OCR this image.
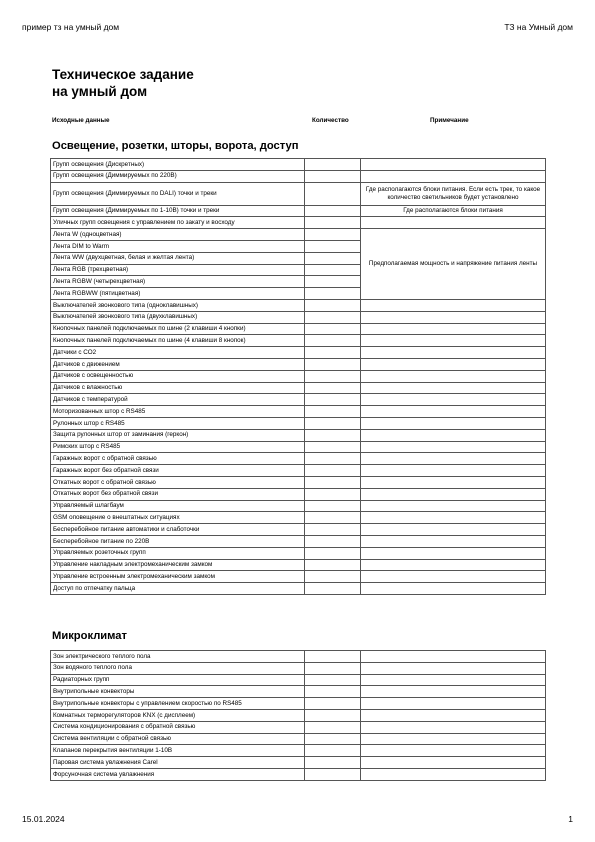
пример тз на умный дом	ТЗ на Умный дом
Техническое задание
на умный дом
Исходные данные	Количество	Примечание
Освещение, розетки, шторы, ворота, доступ
Групп освещения (Дискретных)		
Групп освещения (Диммируемых по 220В)		
Групп освещения (Диммируемых по DALI) точки и треки		Где располагаются блоки питания. Если есть трек, то какое количество светильников будет установлено
Групп освещения (Диммируемых по 1-10В) точки и треки		Где располагаются блоки питания
Уличных групп освещения с управлением по закату и восходу		
Лента W (одноцветная)		Предполагаемая мощность и напряжение питания ленты
Лента DIM to Warm		
Лента WW (двухцветная, белая и желтая лента)		
Лента RGB (трехцветная)		
Лента RGBW (четырехцветная)		
Лента RGBWW (пятицветная)		
Выключателей звонкового типа (одноклавишных)		
Выключателей звонкового типа (двухклавишных)		
Кнопочных панелей подключаемых по шине (2 клавиши 4 кнопки)		
Кнопочных панелей подключаемых по шине (4 клавиши 8 кнопок)		
Датчики с CO2		
Датчиков с движением		
Датчиков с освещенностью		
Датчиков с влажностью		
Датчиков с температурой		
Моторизованных штор с RS485		
Рулонных штор с RS485		
Защита рулонных штор от заминания (геркон)		
Римских штор с RS485		
Гаражных ворот с обратной связью		
Гаражных ворот без обратной связи		
Откатных ворот с обратной связью		
Откатных ворот без обратной связи		
Управляемый шлагбаум		
GSM оповещение о внештатных ситуациях		
Бесперебойное питание автоматики и слаботочки		
Бесперебойное питание по 220В		
Управляемых розеточных групп		
Управление накладным электромеханическим замком		
Управление встроенным электромеханическим замком		
Доступ по отпечатку пальца		
Микроклимат
Зон электрического теплого пола		
Зон водяного теплого пола		
Радиаторных групп		
Внутрипольные конвекторы		
Внутрипольные конвекторы с управлением скоростью по RS485		
Комнатных терморегуляторов KNX (с дисплеем)		
Система кондиционирования с обратной связью		
Система вентиляции с обратной связью		
Клапанов перекрытия вентиляции 1-10В		
Паровая система увлажнения Carel		
Форсуночная система увлажнения		
15.01.2024	1
